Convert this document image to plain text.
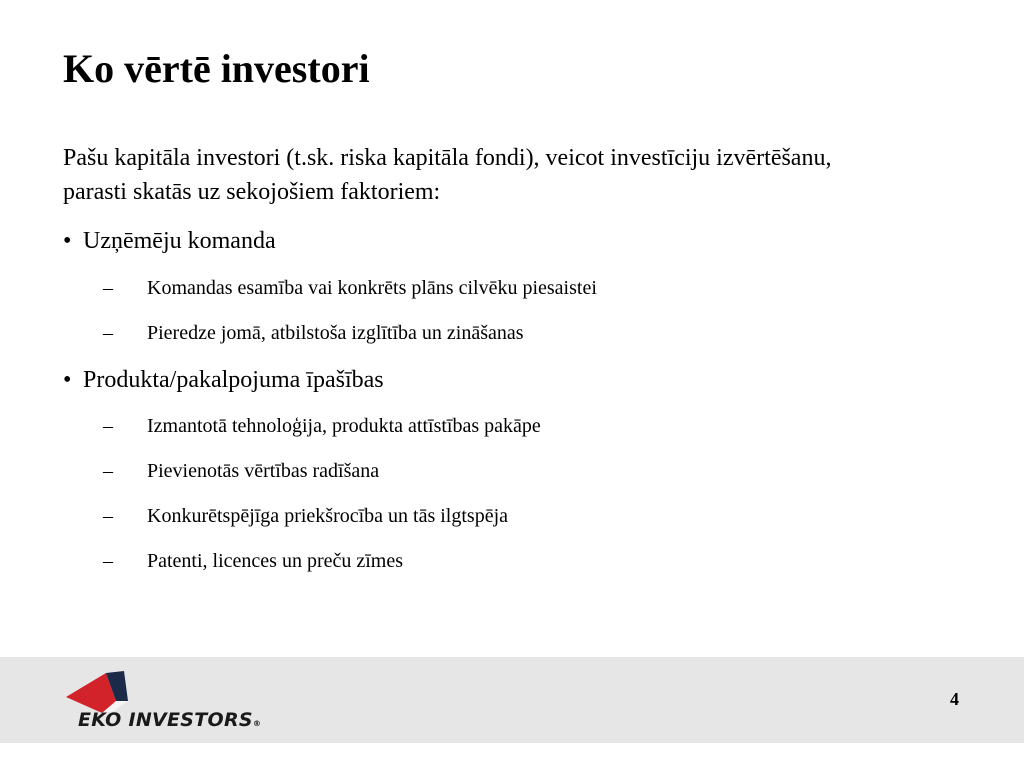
Ko vērtē investori

Pašu kapitāla investori (t.sk. riska kapitāla fondi), veicot investīciju izvērtēšanu, parasti skatās uz sekojošiem faktoriem:

• Uzņēmēju komanda
– Komandas esamība vai konkrēts plāns cilvēku piesaistei
– Pieredze jomā, atbilstoša izglītība un zināšanas
• Produkta/pakalpojuma īpašības
– Izmantotā tehnoloģija, produkta attīstības pakāpe
– Pievienotās vērtības radīšana
– Konkurētspējīga priekšrocība un tās ilgtspēja
– Patenti, licences un preču zīmes
EKO INVESTORS®
4
